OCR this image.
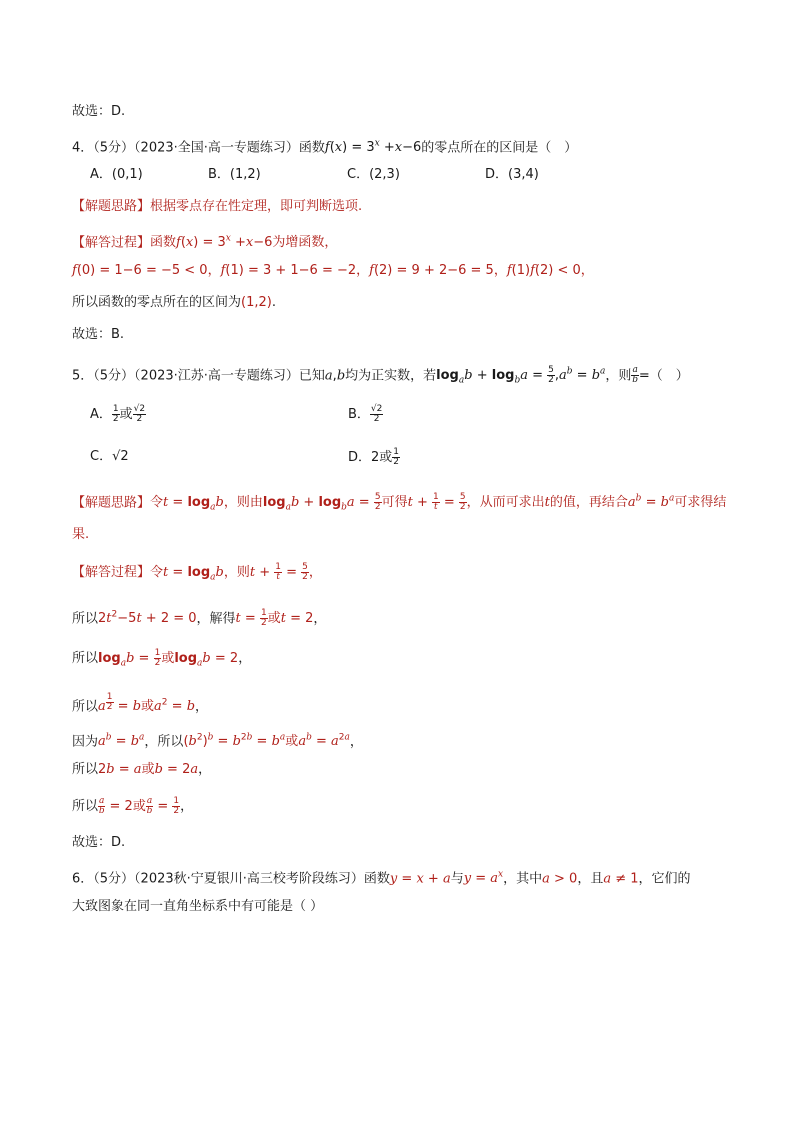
故选：D.
4．（5分）（2023·全国·高一专题练习）函数$f(x) = 3^x +x-6$的零点所在的区间是（　）
A．(0,1)	B．(1,2)	C．(2,3)	D．(3,4)
【解题思路】根据零点存在性定理，即可判断选项.
【解答过程】函数$f(x) = 3^x +x-6$为增函数，
f(0) = 1−6 = −5 < 0，f(1) = 3 + 1−6 = −2，f(2) = 9 + 2−6 = 5，f(1)f(2) < 0，
所以函数的零点所在的区间为(1,2).
故选：B.
5．（5分）（2023·江苏·高一专题练习）已知a,b均为正实数，若$\log_ab + \log_ba = \frac{5}{2} ,a^b = b^a$，则 $\frac{a}{b}$ =（　）
A． $\frac{1}{2}$ 或 $\frac{√2}{2}$	B． $\frac{√2}{2}$
C．√2	D．2或 $\frac{1}{2}$
【解题思路】令$t = \log_ab$，则由$\log_ab + \log_ba = \frac{5}{2}$ 可得$t + \frac{1}{t} = \frac{5}{2}$ ，从而可求出t的值，再结合$a^b = b^a$可求得结
果.
【解答过程】令$t = \log_ab$，则$t + \frac{1}{t} = \frac{5}{2}$ ，
所以$2t^2-5t + 2 = 0$，解得$t = \frac{1}{2}$ 或t = 2，
所以$\log_ab = \frac{1}{2}$ 或$\log_ab = 2$，
所以a $^{\frac{1}{2}}$ = b或$a^2 = b$，
因为$a^b = b^a$，所以$(b^2)^b = b^{2b} = b^a$或$a^b = a^{2a}$，
所以2b = a或b = 2a，
所以 $\frac{a}{b} = 2$或 $\frac{a}{b} = \frac{1}{2}$ ，
故选：D.
6．（5分）（2023秋·宁夏银川·高三校考阶段练习）函数y = x + a与$y = a^x$，其中a > 0，且a ≠ 1，它们的
大致图象在同一直角坐标系中有可能是（ ）
